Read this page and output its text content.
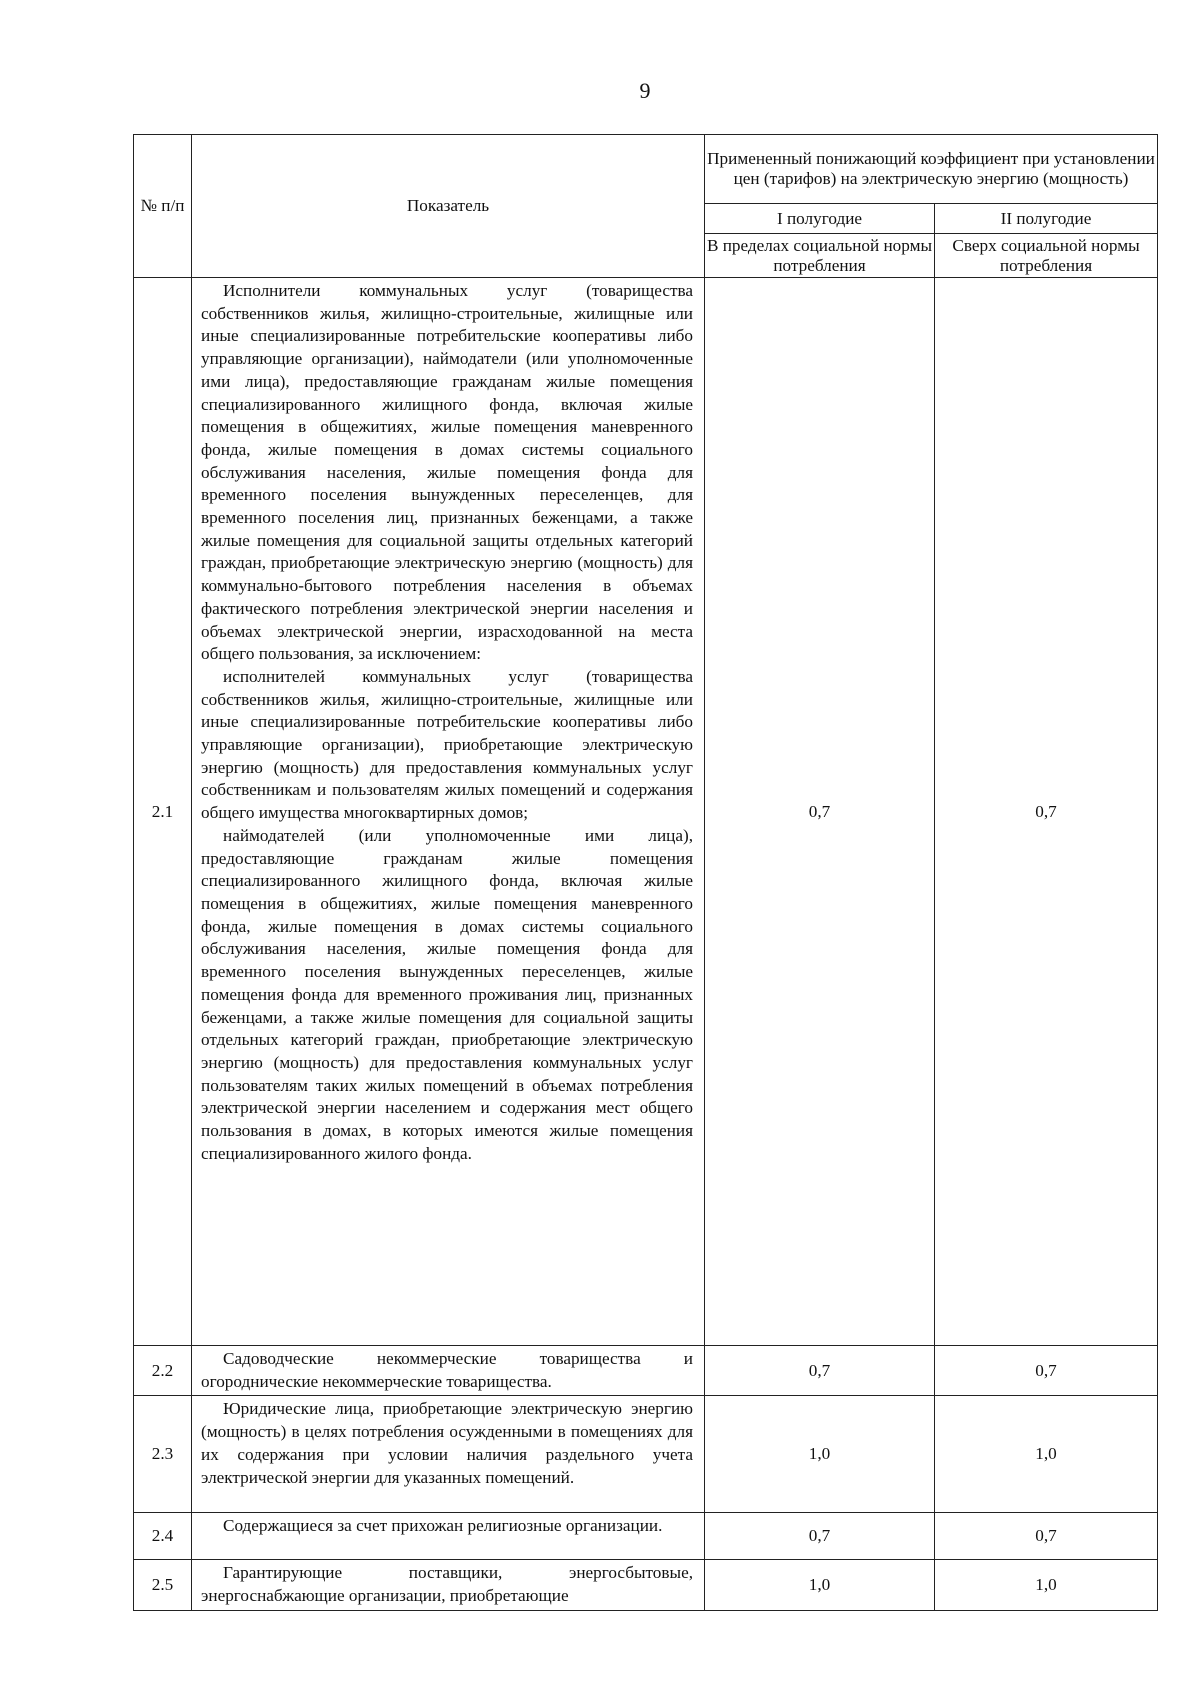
9
№ п/п	Показатель	Примененный понижающий коэффициент при установлении цен (тарифов) на электрическую энергию (мощность)	
		I полугодие	II полугодие
		В пределах социальной нормы потребления	Сверх социальной нормы потребления
2.1	Исполнители коммунальных услуг (товарищества собственников жилья, жилищно-строительные, жилищные или иные специализированные потребительские кооперативы либо управляющие организации), наймодатели (или уполномоченные ими лица), предоставляющие гражданам жилые помещения специализированного жилищного фонда, включая жилые помещения в общежитиях, жилые помещения маневренного фонда, жилые помещения в домах системы социального обслуживания населения, жилые помещения фонда для временного поселения вынужденных переселенцев, для временного поселения лиц, признанных беженцами, а также жилые помещения для социальной защиты отдельных категорий граждан, приобретающие электрическую энергию (мощность) для коммунально-бытового потребления населения в объемах фактического потребления электрической энергии населения и объемах электрической энергии, израсходованной на места общего пользования, за исключением:

исполнителей коммунальных услуг (товарищества собственников жилья, жилищно-строительные, жилищные или иные специализированные потребительские кооперативы либо управляющие организации), приобретающие электрическую энергию (мощность) для предоставления коммунальных услуг собственникам и пользователям жилых помещений и содержания общего имущества многоквартирных домов;

наймодателей (или уполномоченные ими лица), предоставляющие гражданам жилые помещения специализированного жилищного фонда, включая жилые помещения в общежитиях, жилые помещения маневренного фонда, жилые помещения в домах системы социального обслуживания населения, жилые помещения фонда для временного поселения вынужденных переселенцев, жилые помещения фонда для временного проживания лиц, признанных беженцами, а также жилые помещения для социальной защиты отдельных категорий граждан, приобретающие электрическую энергию (мощность) для предоставления коммунальных услуг пользователям таких жилых помещений в объемах потребления электрической энергии населением и содержания мест общего пользования в домах, в которых имеются жилые помещения специализированного жилого фонда.	0,7	0,7
2.2	Садоводческие некоммерческие товарищества и огороднические некоммерческие товарищества.	0,7	0,7
2.3	Юридические лица, приобретающие электрическую энергию (мощность) в целях потребления осужденными в помещениях для их содержания при условии наличия раздельного учета электрической энергии для указанных помещений.	1,0	1,0
2.4	Содержащиеся за счет прихожан религиозные организации.	0,7	0,7
2.5	Гарантирующие поставщики, энергосбытовые, энергоснабжающие организации, приобретающие	1,0	1,0
